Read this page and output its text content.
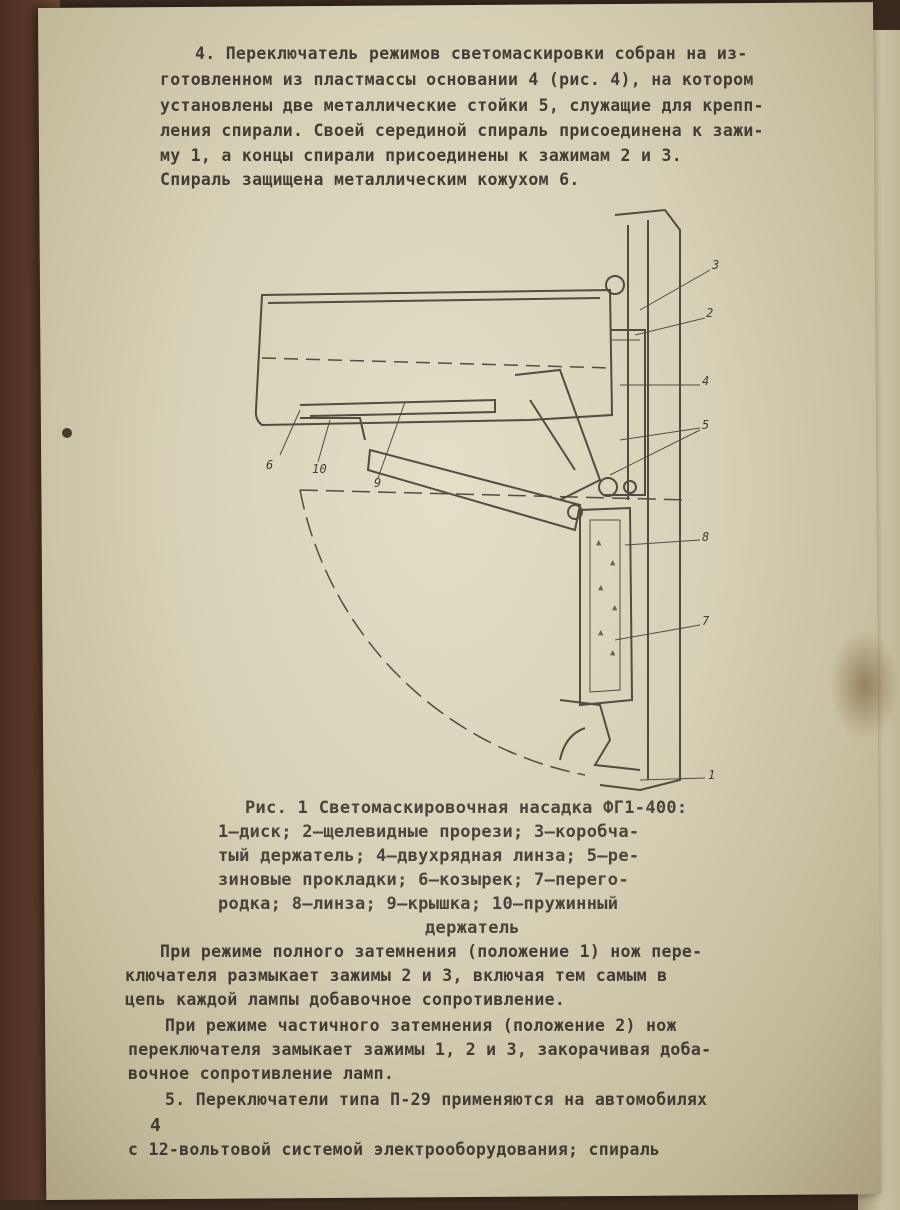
4. Переключатель режимов светомаскировки собран на из-
готовленном из пластмассы основании 4 (рис. 4), на котором
установлены две металлические стойки 5, служащие для крепп-
ления спирали. Своей серединой спираль присоединена к зажи-
му 1, а концы спирали присоединены к зажимам 2 и 3.
Спираль защищена металлическим кожухом 6.
▲
▲
▲
▲
▲
▲
3
2
4
5
8
7
1
6	10
9
Рис. 1 Светомаскировочная насадка ФГ1-400:
1—диск; 2—щелевидные прорези; 3—коробча-
тый держатель; 4—двухрядная линза; 5—ре-
зиновые прокладки; 6—козырек; 7—перего-
родка; 8—линза; 9—крышка; 10—пружинный
держатель
При режиме полного затемнения (положение 1) нож пере-
ключателя размыкает зажимы 2 и 3, включая тем самым в
цепь каждой лампы добавочное сопротивление.
При режиме частичного затемнения (положение 2) нож
переключателя замыкает зажимы 1, 2 и 3, закорачивая доба-
вочное сопротивление ламп.
5. Переключатели типа П-29 применяются на автомобилях
с 12-вольтовой системой электрооборудования; спираль
4
